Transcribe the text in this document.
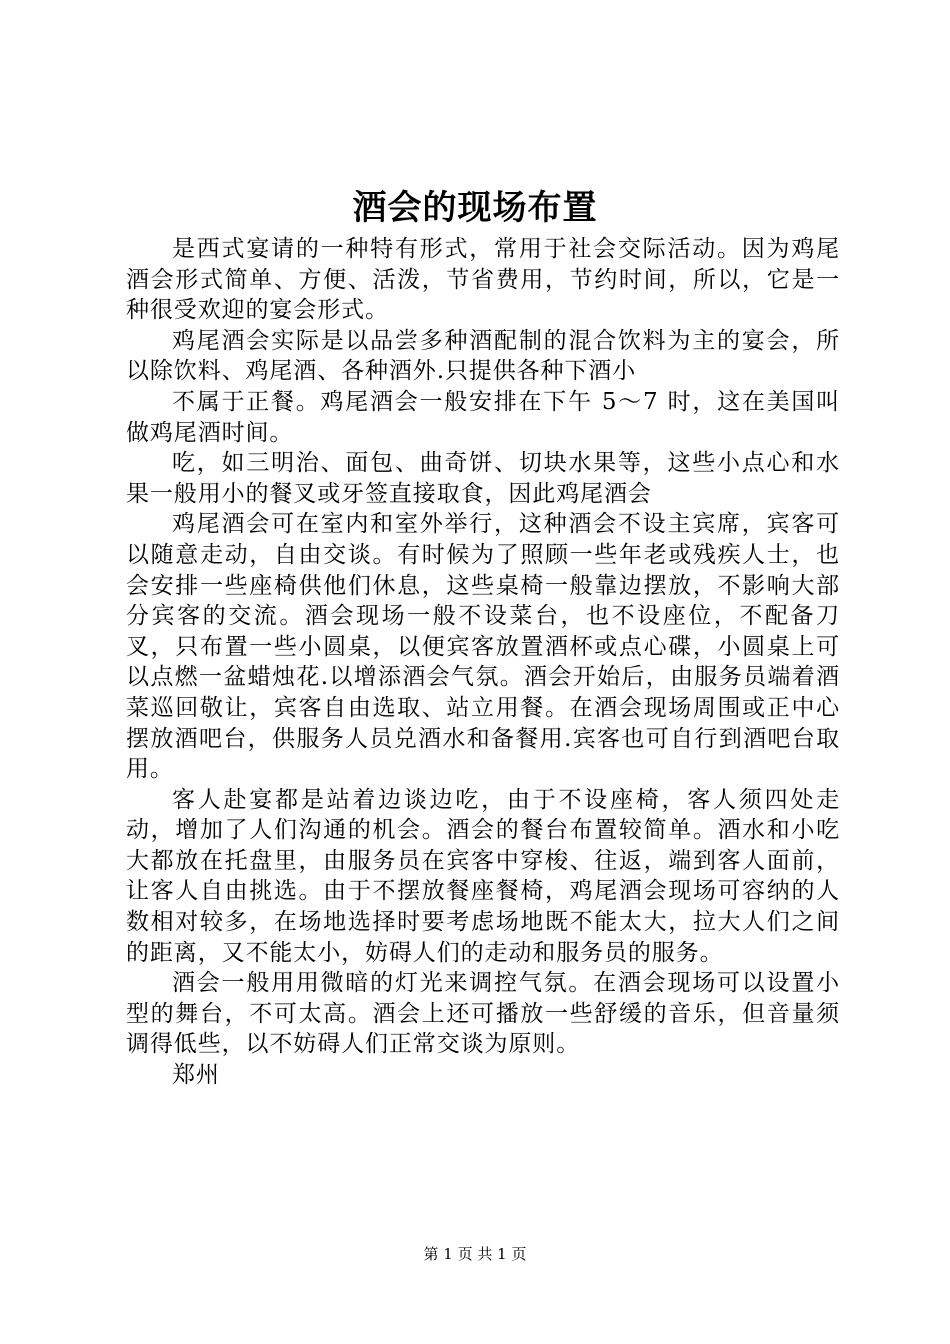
酒会的现场布置

是西式宴请的一种特有形式，常用于社会交际活动。因为鸡尾酒会形式简单、方便、活泼，节省费用，节约时间，所以，它是一种很受欢迎的宴会形式。

鸡尾酒会实际是以品尝多种酒配制的混合饮料为主的宴会，所以除饮料、鸡尾酒、各种酒外.只提供各种下酒小

不属于正餐。鸡尾酒会一般安排在下午 5～7 时，这在美国叫做鸡尾酒时间。

吃，如三明治、面包、曲奇饼、切块水果等，这些小点心和水果一般用小的餐叉或牙签直接取食，因此鸡尾酒会

鸡尾酒会可在室内和室外举行，这种酒会不设主宾席，宾客可以随意走动，自由交谈。有时候为了照顾一些年老或残疾人士，也会安排一些座椅供他们休息，这些桌椅一般靠边摆放，不影响大部分宾客的交流。酒会现场一般不设菜台，也不设座位，不配备刀叉，只布置一些小圆桌，以便宾客放置酒杯或点心碟，小圆桌上可以点燃一盆蜡烛花.以增添酒会气氛。酒会开始后，由服务员端着酒菜巡回敬让，宾客自由选取、站立用餐。在酒会现场周围或正中心摆放酒吧台，供服务人员兑酒水和备餐用.宾客也可自行到酒吧台取用。

客人赴宴都是站着边谈边吃，由于不设座椅，客人须四处走动，增加了人们沟通的机会。酒会的餐台布置较简单。酒水和小吃大都放在托盘里，由服务员在宾客中穿梭、往返，端到客人面前，让客人自由挑选。由于不摆放餐座餐椅，鸡尾酒会现场可容纳的人数相对较多，在场地选择时要考虑场地既不能太大，拉大人们之间的距离，又不能太小，妨碍人们的走动和服务员的服务。

酒会一般用用微暗的灯光来调控气氛。在酒会现场可以设置小型的舞台，不可太高。酒会上还可播放一些舒缓的音乐，但音量须调得低些，以不妨碍人们正常交谈为原则。

郑州

第 1 页 共 1 页
